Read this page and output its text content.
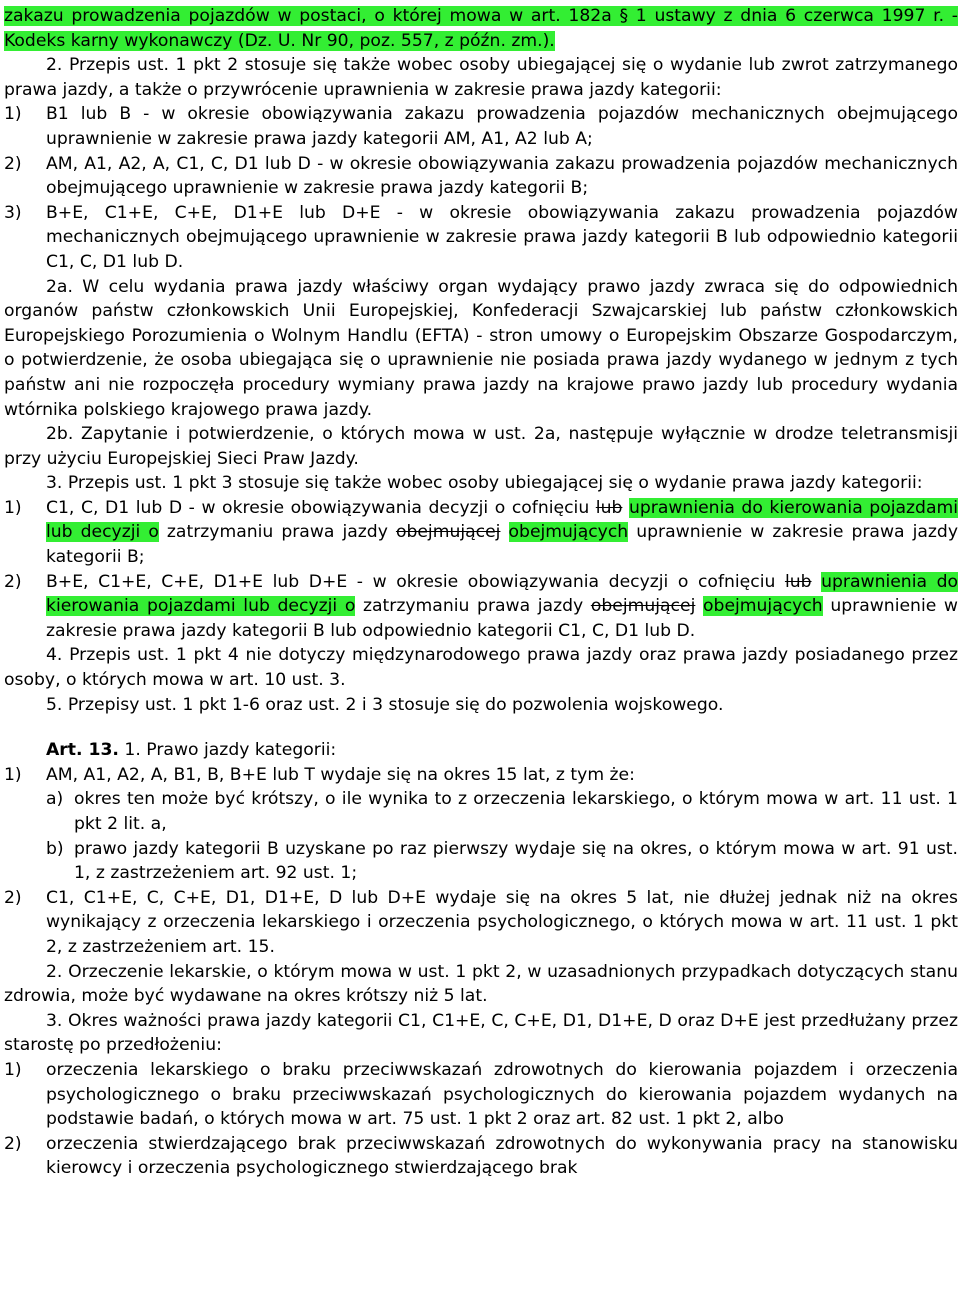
zakazu prowadzenia pojazdów w postaci, o której mowa w art. 182a § 1 ustawy z dnia 6 czerwca 1997 r. - Kodeks karny wykonawczy (Dz. U. Nr 90, poz. 557, z późn. zm.).

2. Przepis ust. 1 pkt 2 stosuje się także wobec osoby ubiegającej się o wydanie lub zwrot zatrzymanego prawa jazdy, a także o przywrócenie uprawnienia w zakresie prawa jazdy kategorii:

1) B1 lub B - w okresie obowiązywania zakazu prowadzenia pojazdów mechanicznych obejmującego uprawnienie w zakresie prawa jazdy kategorii AM, A1, A2 lub A;
2) AM, A1, A2, A, C1, C, D1 lub D - w okresie obowiązywania zakazu prowadzenia pojazdów mechanicznych obejmującego uprawnienie w zakresie prawa jazdy kategorii B;
3) B+E, C1+E, C+E, D1+E lub D+E - w okresie obowiązywania zakazu prowadzenia pojazdów mechanicznych obejmującego uprawnienie w zakresie prawa jazdy kategorii B lub odpowiednio kategorii C1, C, D1 lub D.

2a. W celu wydania prawa jazdy właściwy organ wydający prawo jazdy zwraca się do odpowiednich organów państw członkowskich Unii Europejskiej, Konfederacji Szwajcarskiej lub państw członkowskich Europejskiego Porozumienia o Wolnym Handlu (EFTA) - stron umowy o Europejskim Obszarze Gospodarczym, o potwierdzenie, że osoba ubiegająca się o uprawnienie nie posiada prawa jazdy wydanego w jednym z tych państw ani nie rozpoczęła procedury wymiany prawa jazdy na krajowe prawo jazdy lub procedury wydania wtórnika polskiego krajowego prawa jazdy.

2b. Zapytanie i potwierdzenie, o których mowa w ust. 2a, następuje wyłącznie w drodze teletransmisji przy użyciu Europejskiej Sieci Praw Jazdy.

3. Przepis ust. 1 pkt 3 stosuje się także wobec osoby ubiegającej się o wydanie prawa jazdy kategorii:

1) C1, C, D1 lub D - w okresie obowiązywania decyzji o cofnięciu lub uprawnienia do kierowania pojazdami lub decyzji o zatrzymaniu prawa jazdy obejmującej obejmujących uprawnienie w zakresie prawa jazdy kategorii B;
2) B+E, C1+E, C+E, D1+E lub D+E - w okresie obowiązywania decyzji o cofnięciu lub uprawnienia do kierowania pojazdami lub decyzji o zatrzymaniu prawa jazdy obejmującej obejmujących uprawnienie w zakresie prawa jazdy kategorii B lub odpowiednio kategorii C1, C, D1 lub D.

4. Przepis ust. 1 pkt 4 nie dotyczy międzynarodowego prawa jazdy oraz prawa jazdy posiadanego przez osoby, o których mowa w art. 10 ust. 3.

5. Przepisy ust. 1 pkt 1-6 oraz ust. 2 i 3 stosuje się do pozwolenia wojskowego.

Art. 13. 1. Prawo jazdy kategorii:

1) AM, A1, A2, A, B1, B, B+E lub T wydaje się na okres 15 lat, z tym że:
a) okres ten może być krótszy, o ile wynika to z orzeczenia lekarskiego, o którym mowa w art. 11 ust. 1 pkt 2 lit. a,
b) prawo jazdy kategorii B uzyskane po raz pierwszy wydaje się na okres, o którym mowa w art. 91 ust. 1, z zastrzeżeniem art. 92 ust. 1;
2) C1, C1+E, C, C+E, D1, D1+E, D lub D+E wydaje się na okres 5 lat, nie dłużej jednak niż na okres wynikający z orzeczenia lekarskiego i orzeczenia psychologicznego, o których mowa w art. 11 ust. 1 pkt 2, z zastrzeżeniem art. 15.

2. Orzeczenie lekarskie, o którym mowa w ust. 1 pkt 2, w uzasadnionych przypadkach dotyczących stanu zdrowia, może być wydawane na okres krótszy niż 5 lat.

3. Okres ważności prawa jazdy kategorii C1, C1+E, C, C+E, D1, D1+E, D oraz D+E jest przedłużany przez starostę po przedłożeniu:

1) orzeczenia lekarskiego o braku przeciwwskazań zdrowotnych do kierowania pojazdem i orzeczenia psychologicznego o braku przeciwwskazań psychologicznych do kierowania pojazdem wydanych na podstawie badań, o których mowa w art. 75 ust. 1 pkt 2 oraz art. 82 ust. 1 pkt 2, albo
2) orzeczenia stwierdzającego brak przeciwwskazań zdrowotnych do wykonywania pracy na stanowisku kierowcy i orzeczenia psychologicznego stwierdzającego brak
